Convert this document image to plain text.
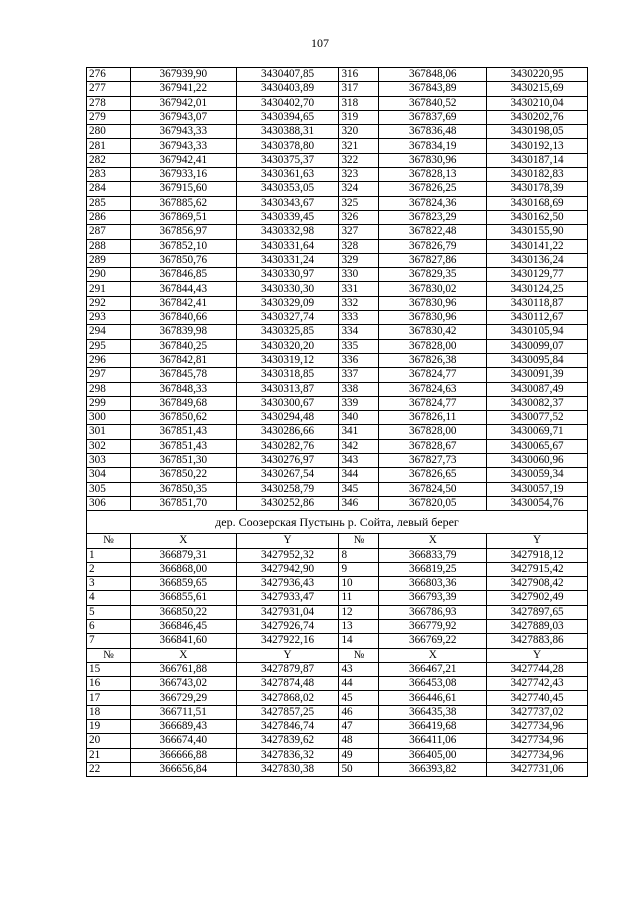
107
276	367939,90	3430407,85	316	367848,06	3430220,95
277	367941,22	3430403,89	317	367843,89	3430215,69
278	367942,01	3430402,70	318	367840,52	3430210,04
279	367943,07	3430394,65	319	367837,69	3430202,76
280	367943,33	3430388,31	320	367836,48	3430198,05
281	367943,33	3430378,80	321	367834,19	3430192,13
282	367942,41	3430375,37	322	367830,96	3430187,14
283	367933,16	3430361,63	323	367828,13	3430182,83
284	367915,60	3430353,05	324	367826,25	3430178,39
285	367885,62	3430343,67	325	367824,36	3430168,69
286	367869,51	3430339,45	326	367823,29	3430162,50
287	367856,97	3430332,98	327	367822,48	3430155,90
288	367852,10	3430331,64	328	367826,79	3430141,22
289	367850,76	3430331,24	329	367827,86	3430136,24
290	367846,85	3430330,97	330	367829,35	3430129,77
291	367844,43	3430330,30	331	367830,02	3430124,25
292	367842,41	3430329,09	332	367830,96	3430118,87
293	367840,66	3430327,74	333	367830,96	3430112,67
294	367839,98	3430325,85	334	367830,42	3430105,94
295	367840,25	3430320,20	335	367828,00	3430099,07
296	367842,81	3430319,12	336	367826,38	3430095,84
297	367845,78	3430318,85	337	367824,77	3430091,39
298	367848,33	3430313,87	338	367824,63	3430087,49
299	367849,68	3430300,67	339	367824,77	3430082,37
300	367850,62	3430294,48	340	367826,11	3430077,52
301	367851,43	3430286,66	341	367828,00	3430069,71
302	367851,43	3430282,76	342	367828,67	3430065,67
303	367851,30	3430276,97	343	367827,73	3430060,96
304	367850,22	3430267,54	344	367826,65	3430059,34
305	367850,35	3430258,79	345	367824,50	3430057,19
306	367851,70	3430252,86	346	367820,05	3430054,76
дер. Соозерская Пустынь р. Сойта, левый берег					
№	X	Y	№	X	Y
1	366879,31	3427952,32	8	366833,79	3427918,12
2	366868,00	3427942,90	9	366819,25	3427915,42
3	366859,65	3427936,43	10	366803,36	3427908,42
4	366855,61	3427933,47	11	366793,39	3427902,49
5	366850,22	3427931,04	12	366786,93	3427897,65
6	366846,45	3427926,74	13	366779,92	3427889,03
7	366841,60	3427922,16	14	366769,22	3427883,86
№	X	Y	№	X	Y
15	366761,88	3427879,87	43	366467,21	3427744,28
16	366743,02	3427874,48	44	366453,08	3427742,43
17	366729,29	3427868,02	45	366446,61	3427740,45
18	366711,51	3427857,25	46	366435,38	3427737,02
19	366689,43	3427846,74	47	366419,68	3427734,96
20	366674,40	3427839,62	48	366411,06	3427734,96
21	366666,88	3427836,32	49	366405,00	3427734,96
22	366656,84	3427830,38	50	366393,82	3427731,06
